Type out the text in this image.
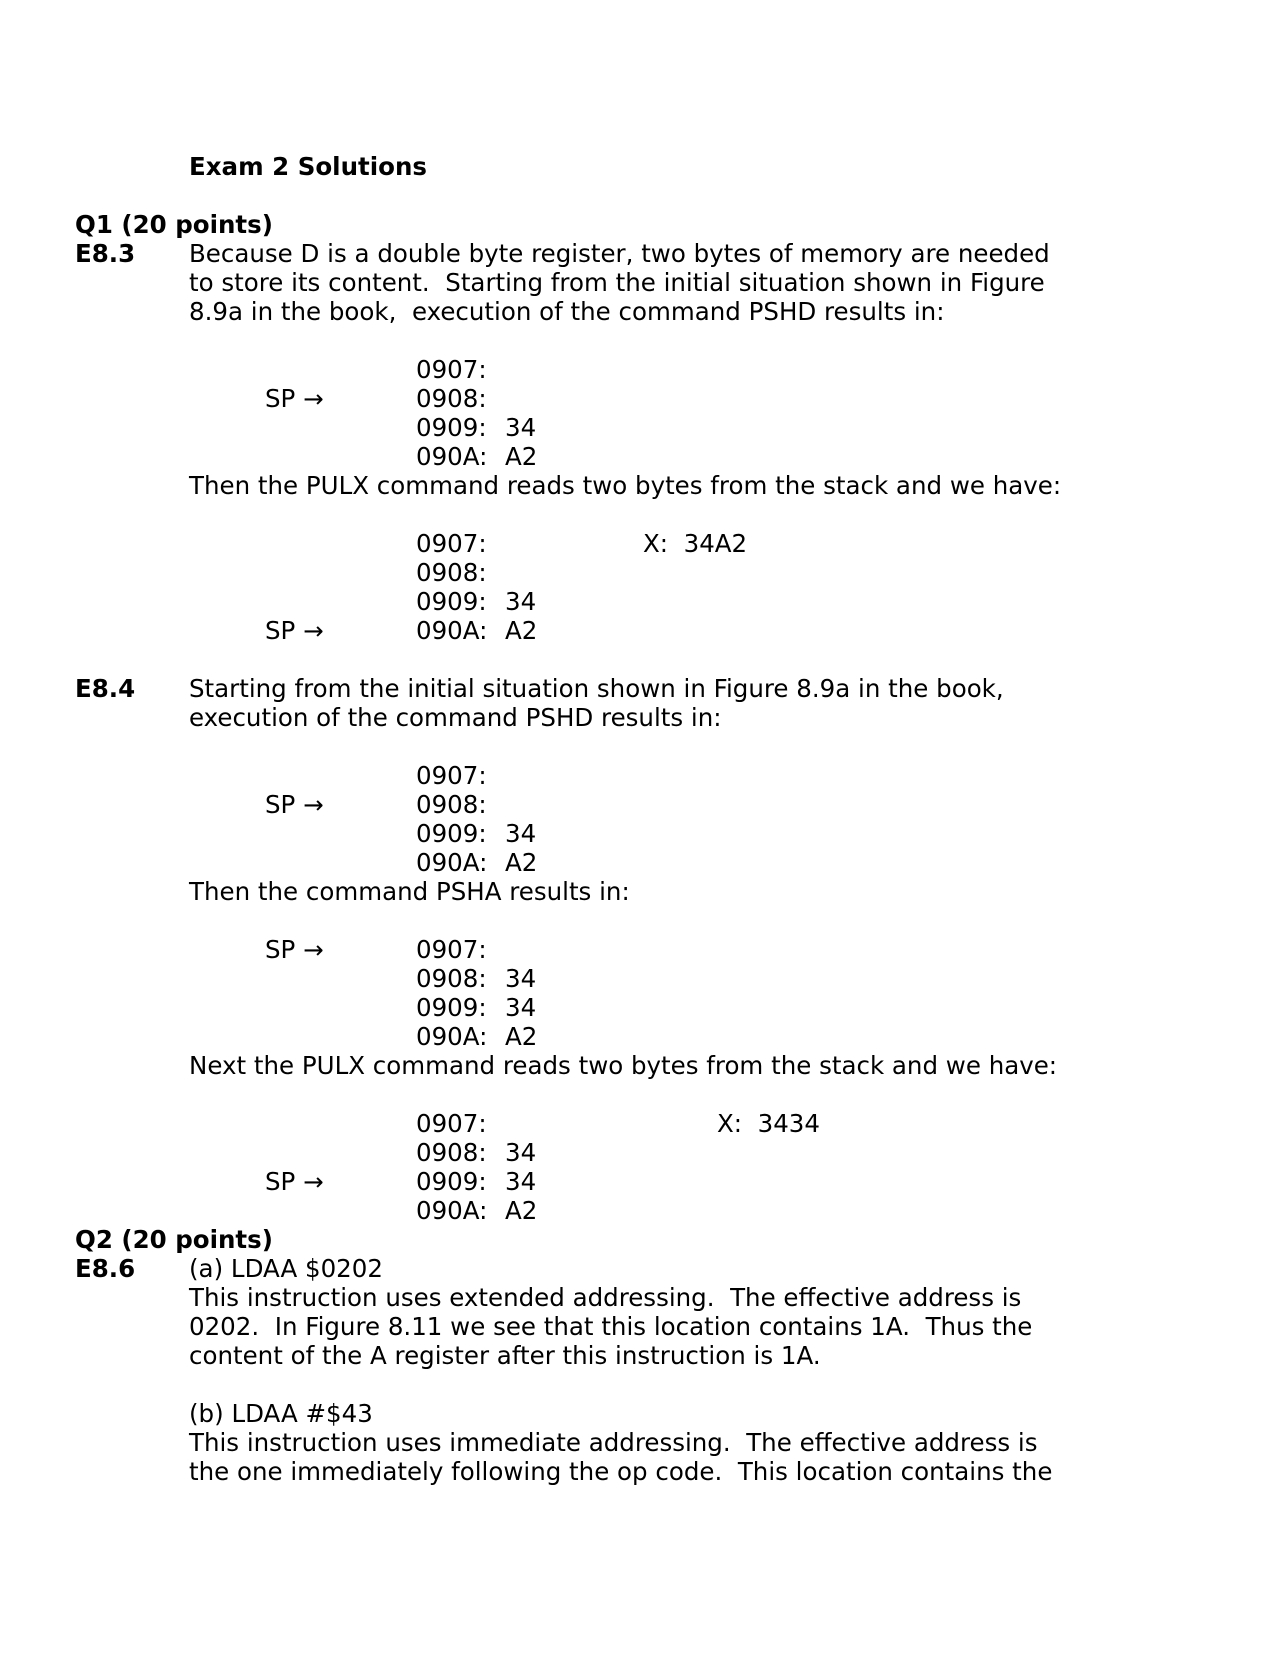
Exam 2 Solutions
Q1 (20 points)
E8.3 Because D is a double byte register, two bytes of memory are needed
to store its content.  Starting from the initial situation shown in Figure
8.9a in the book,  execution of the command PSHD results in:
SP →
0907:
0908:
0909:
090A:
34
A2
Then the PULX command reads two bytes from the stack and we have:
0907:
0908:
0909:
090A:
34
A2
SP →
X:  34A2
E8.4 Starting from the initial situation shown in Figure 8.9a in the book,
execution of the command PSHD results in:
0907:
0908:
0909:
090A:
34
A2
SP →
Then the command PSHA results in:
SP →	0907:
0908:
0909:
090A:
34
34
A2
Next the PULX command reads two bytes from the stack and we have:
0907:
0908:
0909:
090A:
34
34
A2
SP →
X:  3434
Q2 (20 points)
E8.6 (a) LDAA $0202
This instruction uses extended addressing.  The effective address is
0202.  In Figure 8.11 we see that this location contains 1A.  Thus the
content of the A register after this instruction is 1A.
(b) LDAA #$43
This instruction uses immediate addressing.  The effective address is
the one immediately following the op code.  This location contains the
